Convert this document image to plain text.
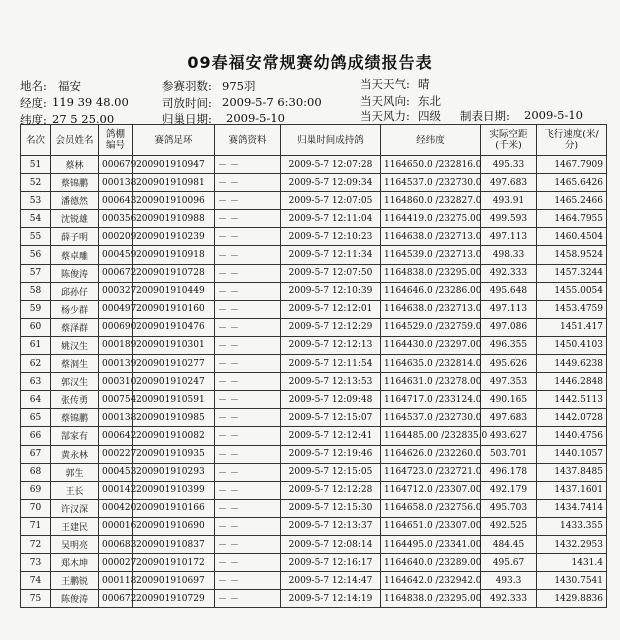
09春福安常规赛幼鸽成绩报告表
地名: 福安	参赛羽数: 975羽	当天天气: 晴
经度: 119 39 48.00	司放时间: 2009-5-7 6:30:00	当天风向: 东北
纬度: 27 5 25.00	归巢日期: 2009-5-10	当天风力: 四级 制表日期: 2009-5-10
名次	会员姓名	鸽棚编号	赛鸽足环	赛鸽资料	归巢时间成持鸽	经纬度	实际空距(千米)	飞行速度(米/分)
51	蔡林	000679	200901910947	－ －	2009-5-7 12:07:28	1164650.0 /232816.0	495.33	1467.7909
52	蔡锦鹏	000138	200901910981	－ －	2009-5-7 12:09:34	1164537.0 /232730.0	497.683	1465.6426
53	潘德然	000643	200901910096	－ －	2009-5-7 12:07:05	1164860.0 /232827.0	493.91	1465.2466
54	沈锐雄	000356	200901910988	－ －	2009-5-7 12:11:04	1164419.0 /23275.00	499.593	1464.7955
55	薛子明	000209	200901910239	－ －	2009-5-7 12:10:23	1164638.0 /232713.0	497.113	1460.4504
56	蔡卓雕	000459	200901910918	－ －	2009-5-7 12:11:34	1164539.0 /232713.0	498.33	1458.9524
57	陈俊涛	000672	200901910728	－ －	2009-5-7 12:07:50	1164838.0 /23295.00	492.333	1457.3244
58	邱孙仔	000327	200901910449	－ －	2009-5-7 12:10:39	1164646.0 /23286.00	495.648	1455.0054
59	杨少群	000497	200901910160	－ －	2009-5-7 12:12:01	1164638.0 /232713.0	497.113	1453.4759
60	蔡泽群	000690	200901910476	－ －	2009-5-7 12:12:29	1164529.0 /232759.0	497.086	1451.417
61	姚汉生	000189	200901910301	－ －	2009-5-7 12:12:13	1164430.0 /23297.00	496.355	1450.4103
62	蔡洞生	000139	200901910277	－ －	2009-5-7 12:11:54	1164635.0 /232814.0	495.626	1449.6238
63	郭汉生	000310	200901910247	－ －	2009-5-7 12:13:53	1164631.0 /23278.00	497.353	1446.2848
64	张传勇	000754	200901910591	－ －	2009-5-7 12:09:48	1164717.0 /233124.0	490.165	1442.5113
65	蔡锦鹏	000138	200901910985	－ －	2009-5-7 12:15:07	1164537.0 /232730.0	497.683	1442.0728
66	郜家有	000642	200901910082	－ －	2009-5-7 12:12:41	1164485.00 /232835.0	493.627	1440.4756
67	黄永林	000227	200901910935	－ －	2009-5-7 12:19:46	1164626.0 /232260.0	503.701	1440.1057
68	郭生	000453	200901910293	－ －	2009-5-7 12:15:05	1164723.0 /232721.0	496.178	1437.8485
69	王长	000142	200901910399	－ －	2009-5-7 12:12:28	1164712.0 /23307.00	492.179	1437.1601
70	许汉深	000420	200901910166	－ －	2009-5-7 12:15:30	1164658.0 /232756.0	495.703	1434.7414
71	王建民	000016	200901910690	－ －	2009-5-7 12:13:37	1164651.0 /23307.00	492.525	1433.355
72	吴明亮	000683	200901910837	－ －	2009-5-7 12:08:14	1164495.0 /23341.00	484.45	1432.2953
73	郑木坤	000027	200901910172	－ －	2009-5-7 12:16:17	1164640.0 /23289.00	495.67	1431.4
74	王鹏锐	000118	200901910697	－ －	2009-5-7 12:14:47	1164642.0 /232942.0	493.3	1430.7541
75	陈俊涛	000672	200901910729	－ －	2009-5-7 12:14:19	1164838.0 /23295.00	492.333	1429.8836
